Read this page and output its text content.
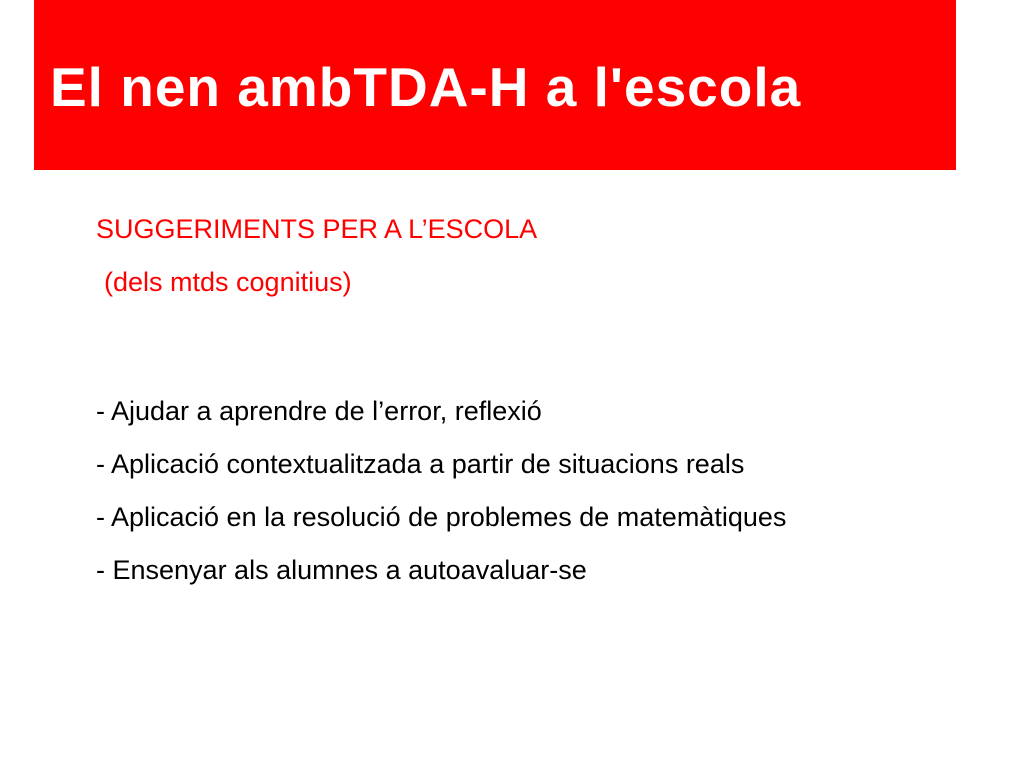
El nen ambTDA-H a l'escola

SUGGERIMENTS PER A L’ESCOLA

(dels mtds cognitius)

- Ajudar a aprendre de l’error, reflexió

- Aplicació contextualitzada a partir de situacions reals

- Aplicació en la resolució de problemes de matemàtiques

- Ensenyar als alumnes a autoavaluar-se
